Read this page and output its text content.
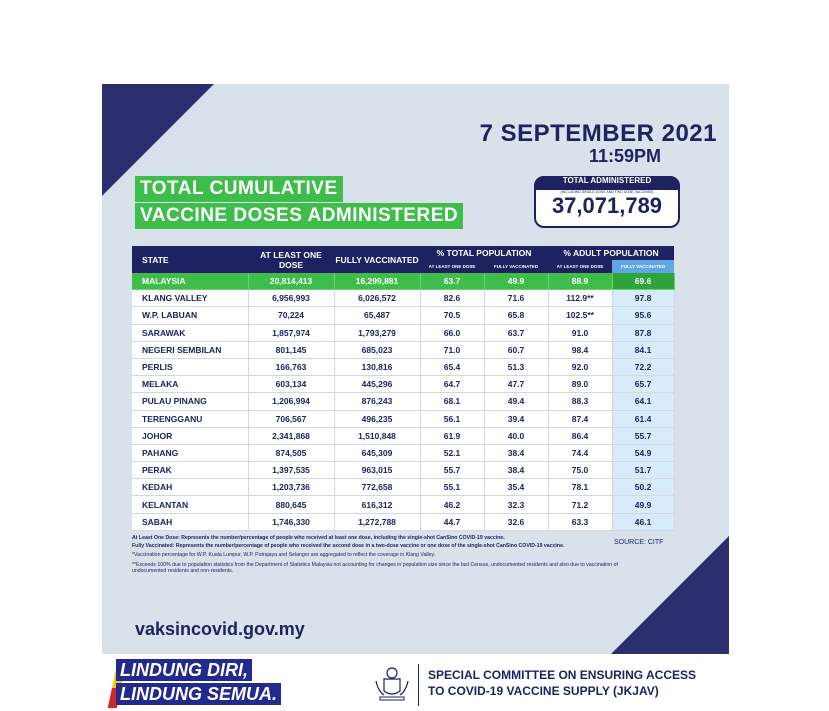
7 SEPTEMBER 2021
11:59PM
TOTAL CUMULATIVE
VACCINE DOSES ADMINISTERED
TOTAL ADMINISTERED
(INCLUDING SINGLE DOSE AND TWO DOSE VACCINES)
37,071,789
STATE	AT LEAST ONE DOSE	FULLY VACCINATED	% TOTAL POPULATION		% ADULT POPULATION	
			AT LEAST ONE DOSE	FULLY VACCINATED	AT LEAST ONE DOSE	FULLY VACCINATED
MALAYSIA	20,814,413	16,299,881	63.7	49.9	88.9	69.6
KLANG VALLEY	6,956,993	6,026,572	82.6	71.6	112.9**	97.8
W.P. LABUAN	70,224	65,487	70.5	65.8	102.5**	95.6
SARAWAK	1,857,974	1,793,279	66.0	63.7	91.0	87.8
NEGERI SEMBILAN	801,145	685,023	71.0	60.7	98.4	84.1
PERLIS	166,763	130,816	65.4	51.3	92.0	72.2
MELAKA	603,134	445,296	64.7	47.7	89.0	65.7
PULAU PINANG	1,206,994	876,243	68.1	49.4	88.3	64.1
TERENGGANU	706,567	496,235	56.1	39.4	87.4	61.4
JOHOR	2,341,868	1,510,848	61.9	40.0	86.4	55.7
PAHANG	874,505	645,309	52.1	38.4	74.4	54.9
PERAK	1,397,535	963,015	55.7	38.4	75.0	51.7
KEDAH	1,203,736	772,658	55.1	35.4	78.1	50.2
KELANTAN	880,645	616,312	46.2	32.3	71.2	49.9
SABAH	1,746,330	1,272,788	44.7	32.6	63.3	46.1

At Least One Dose: Represents the number/percentage of people who received at least one dose, including the single-shot CanSino COVID-19 vaccine.

Fully Vaccinated: Represents the number/percentage of people who received the second dose in a two-dose vaccine or one dose of the single-shot CanSino COVID-19 vaccine.

*Vaccination percentage for W.P. Kuala Lumpur, W.P. Putrajaya and Selangor are aggregated to reflect the coverage in Klang Valley.

**Exceeds 100% due to population statistics from the Department of Statistics Malaysia not accounting for changes in population size since the last Census, undocumented residents and also due to vaccination of undocumented residents and non-residents.

SOURCE: CITF
vaksincovid.gov.my
LINDUNG DIRI,
LINDUNG SEMUA.
SPECIAL COMMITTEE ON ENSURING ACCESS
TO COVID-19 VACCINE SUPPLY (JKJAV)
